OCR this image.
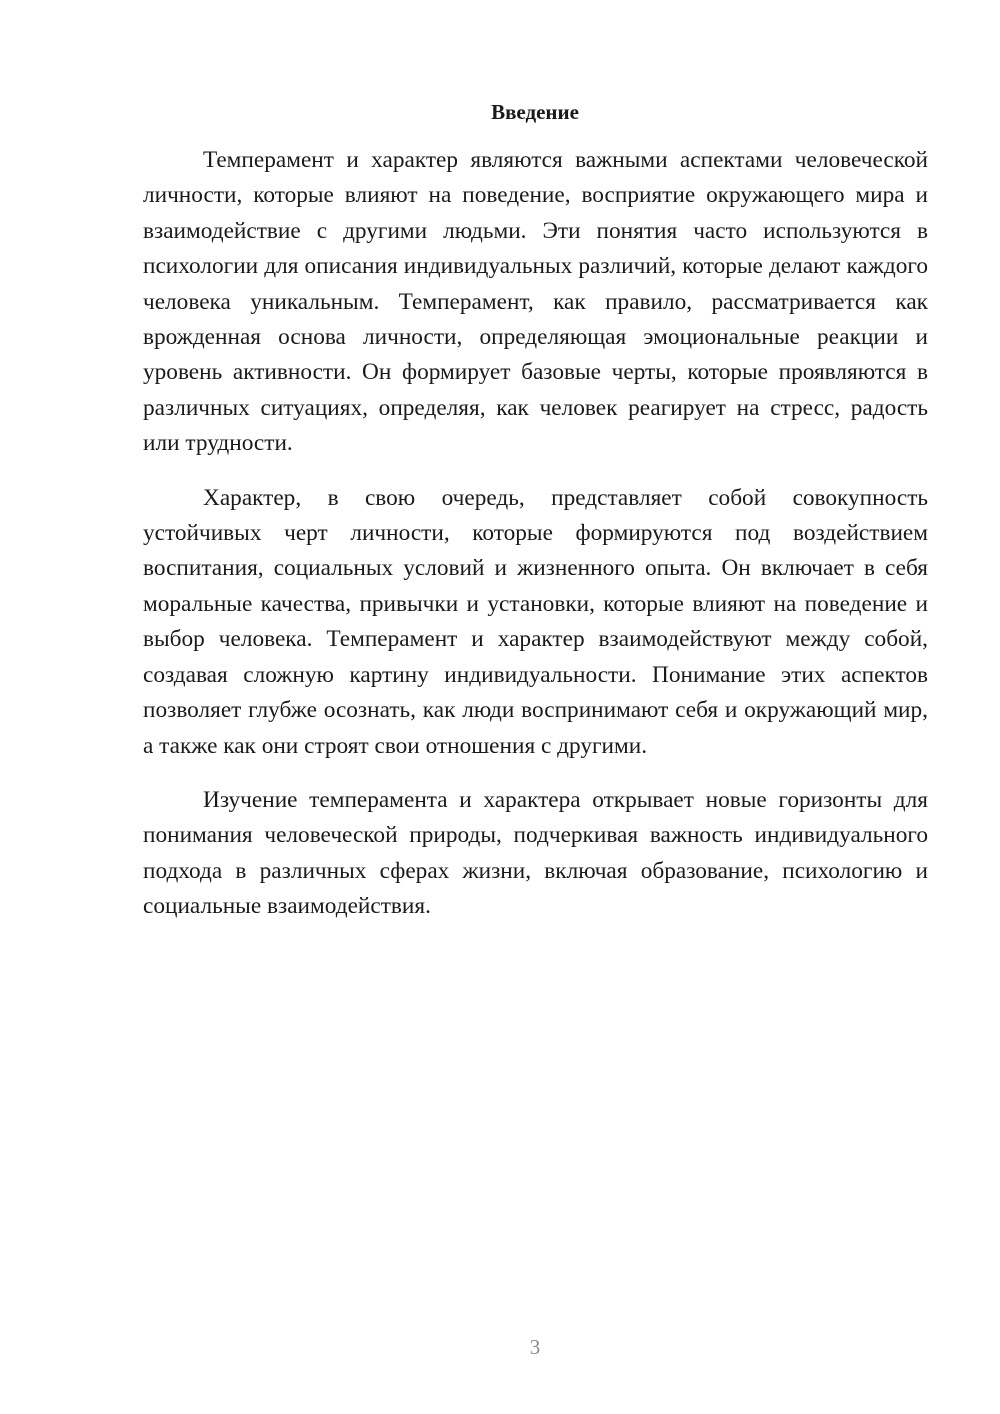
Введение

Темперамент и характер являются важными аспектами человеческой личности, которые влияют на поведение, восприятие окружающего мира и взаимодействие с другими людьми. Эти понятия часто используются в психологии для описания индивидуальных различий, которые делают каждого человека уникальным. Темперамент, как правило, рассматривается как врожденная основа личности, определяющая эмоциональные реакции и уровень активности. Он формирует базовые черты, которые проявляются в различных ситуациях, определяя, как человек реагирует на стресс, радость или трудности.

Характер, в свою очередь, представляет собой совокупность устойчивых черт личности, которые формируются под воздействием воспитания, социальных условий и жизненного опыта. Он включает в себя моральные качества, привычки и установки, которые влияют на поведение и выбор человека. Темперамент и характер взаимодействуют между собой, создавая сложную картину индивидуальности. Понимание этих аспектов позволяет глубже осознать, как люди воспринимают себя и окружающий мир, а также как они строят свои отношения с другими.

Изучение темперамента и характера открывает новые горизонты для понимания человеческой природы, подчеркивая важность индивидуального подхода в различных сферах жизни, включая образование, психологию и социальные взаимодействия.

3
